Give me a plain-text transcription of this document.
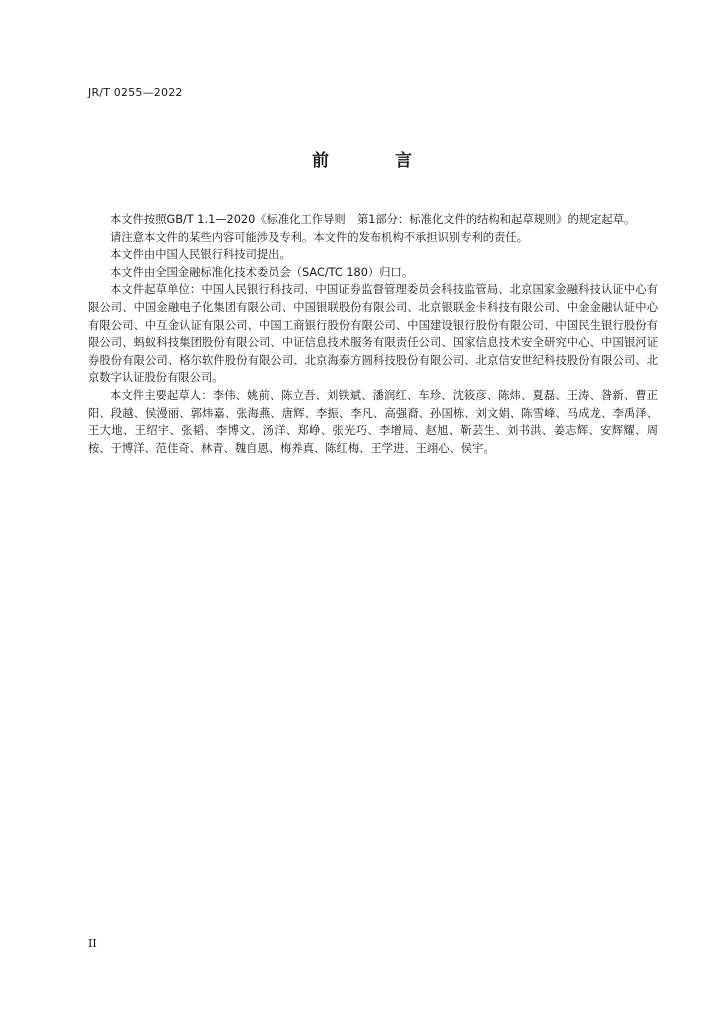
JR/T 0255—2022
前 言

本文件按照GB/T 1.1—2020《标准化工作导则　第1部分：标准化文件的结构和起草规则》的规定起草。

请注意本文件的某些内容可能涉及专利。本文件的发布机构不承担识别专利的责任。

本文件由中国人民银行科技司提出。

本文件由全国金融标准化技术委员会（SAC/TC 180）归口。

本文件起草单位：中国人民银行科技司、中国证券监督管理委员会科技监管局、北京国家金融科技认证中心有限公司、中国金融电子化集团有限公司、中国银联股份有限公司、北京银联金卡科技有限公司、中金金融认证中心有限公司、中互金认证有限公司、中国工商银行股份有限公司、中国建设银行股份有限公司、中国民生银行股份有限公司、蚂蚁科技集团股份有限公司、中证信息技术服务有限责任公司、国家信息技术安全研究中心、中国银河证券股份有限公司、格尔软件股份有限公司、北京海泰方圆科技股份有限公司、北京信安世纪科技股份有限公司、北京数字认证股份有限公司。

本文件主要起草人：李伟、姚前、陈立吾、刘铁斌、潘润红、车珍、沈筱彦、陈炜、夏磊、王涛、昝新、曹正阳、段越、侯漫丽、郭炜嘉、张海燕、唐辉、李振、李凡、高强裔、孙国栋、刘文娟、陈雪峰、马成龙、李禹泽、王大地、王绍宇、张韬、李博文、汤洋、郑峥、张光巧、李增局、赵旭、靳芸生、刘书洪、姜志辉、安辉耀、周桉、于博洋、范佳奇、林青、魏自恩、梅养真、陈红梅、王学进、王翊心、侯宇。

II
